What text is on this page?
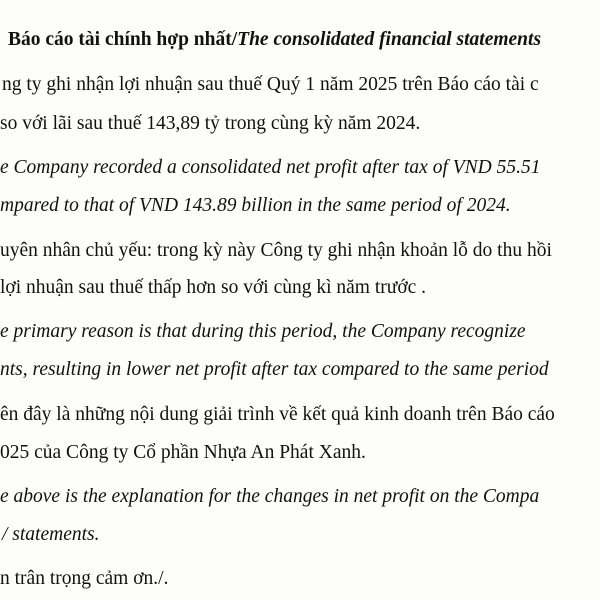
Báo cáo tài chính hợp nhất/The consolidated financial statements
ng ty ghi nhận lợi nhuận sau thuế Quý 1 năm 2025 trên Báo cáo tài c
so với lãi sau thuế 143,89 tỷ trong cùng kỳ năm 2024.
e Company recorded a consolidated net profit after tax of VND 55.51
mpared to that of VND 143.89 billion in the same period of 2024.
uyên nhân chủ yếu: trong kỳ này Công ty ghi nhận khoản lỗ do thu hồi
lợi nhuận sau thuế thấp hơn so với cùng kì năm trước .
e primary reason is that during this period, the Company recognize
nts, resulting in lower net profit after tax compared to the same period
ên đây là những nội dung giải trình về kết quả kinh doanh trên Báo cáo
025 của Công ty Cổ phần Nhựa An Phát Xanh.
e above is the explanation for the changes in net profit on the Compa
/ statements.
n trân trọng cảm ơn./.
